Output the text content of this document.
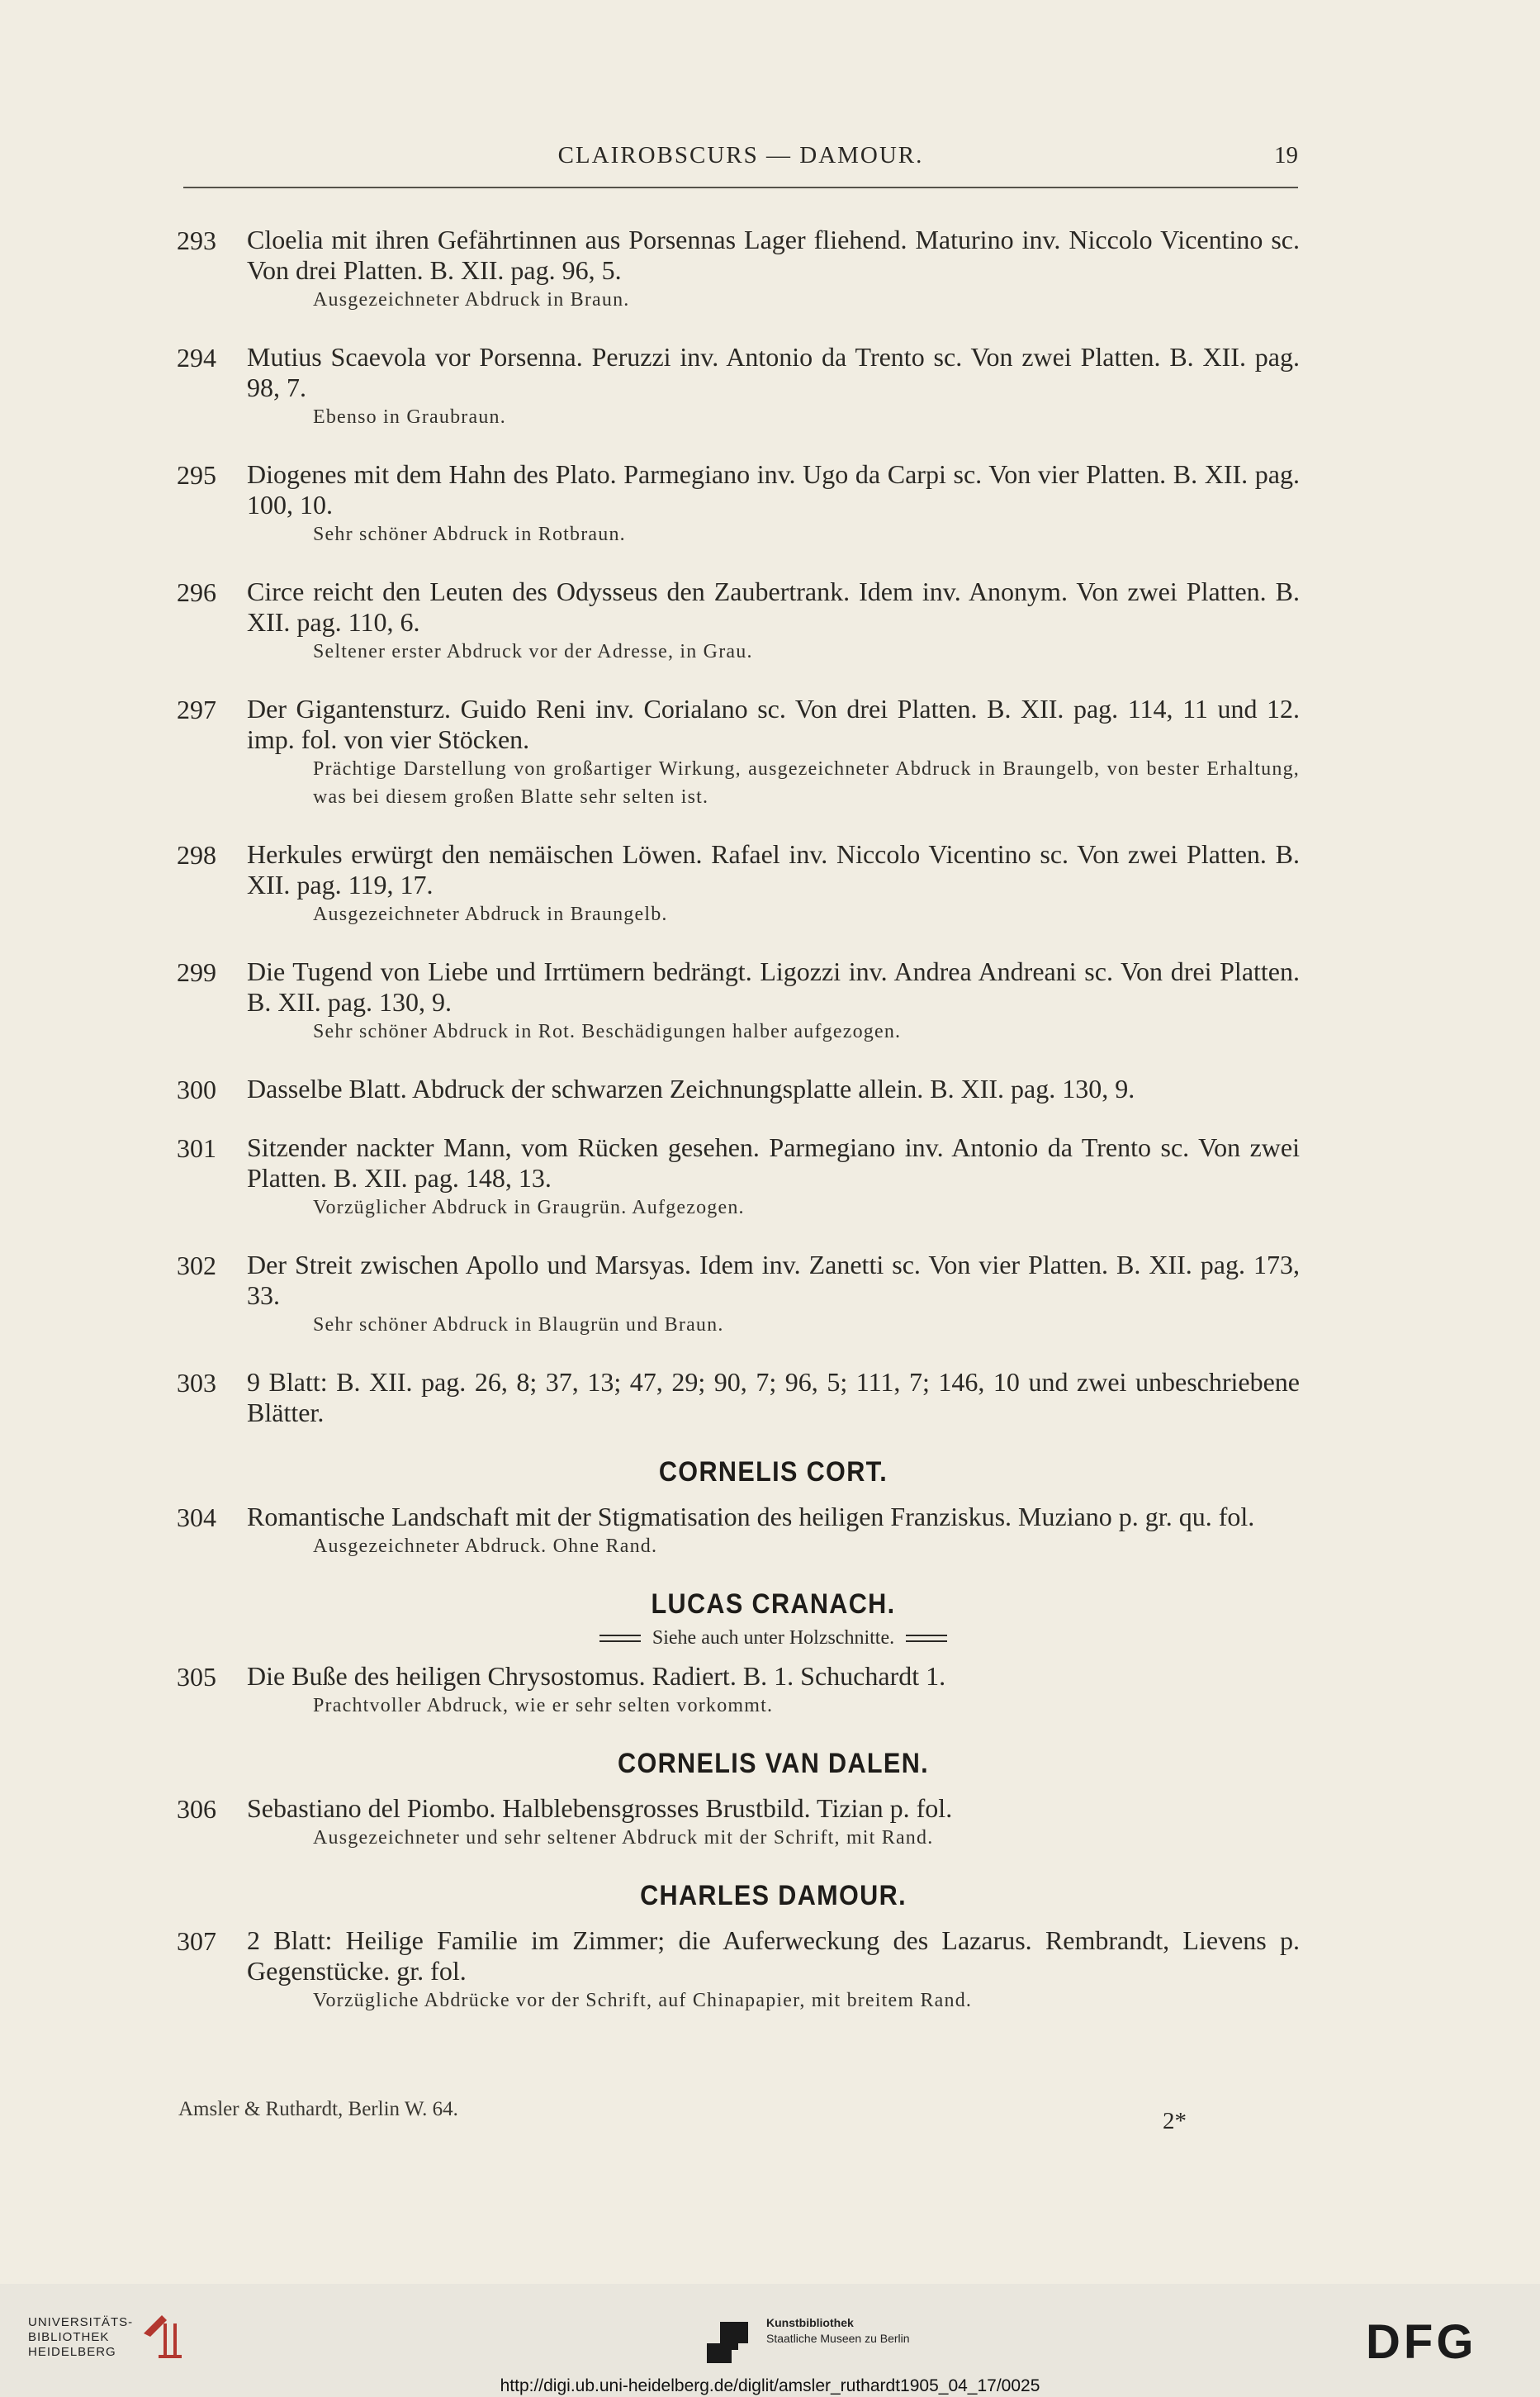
CLAIROBSCURS — DAMOUR.	19
293	Cloelia mit ihren Gefährtinnen aus Porsennas Lager fliehend. Maturino inv. Niccolo Vicentino sc. Von drei Platten. B. XII. pag. 96, 5.
Ausgezeichneter Abdruck in Braun.
294	Mutius Scaevola vor Porsenna. Peruzzi inv. Antonio da Trento sc. Von zwei Platten. B. XII. pag. 98, 7.
Ebenso in Graubraun.
295	Diogenes mit dem Hahn des Plato. Parmegiano inv. Ugo da Carpi sc. Von vier Platten. B. XII. pag. 100, 10.
Sehr schöner Abdruck in Rotbraun.
296	Circe reicht den Leuten des Odysseus den Zaubertrank. Idem inv. Anonym. Von zwei Platten. B. XII. pag. 110, 6.
Seltener erster Abdruck vor der Adresse, in Grau.
297	Der Gigantensturz. Guido Reni inv. Corialano sc. Von drei Platten. B. XII. pag. 114, 11 und 12. imp. fol. von vier Stöcken.
Prächtige Darstellung von großartiger Wirkung, ausgezeichneter Abdruck in Braungelb, von bester Erhaltung, was bei diesem großen Blatte sehr selten ist.
298	Herkules erwürgt den nemäischen Löwen. Rafael inv. Niccolo Vicentino sc. Von zwei Platten. B. XII. pag. 119, 17.
Ausgezeichneter Abdruck in Braungelb.
299	Die Tugend von Liebe und Irrtümern bedrängt. Ligozzi inv. Andrea Andreani sc. Von drei Platten. B. XII. pag. 130, 9.
Sehr schöner Abdruck in Rot. Beschädigungen halber aufgezogen.
300	Dasselbe Blatt. Abdruck der schwarzen Zeichnungsplatte allein. B. XII. pag. 130, 9.
301	Sitzender nackter Mann, vom Rücken gesehen. Parmegiano inv. Antonio da Trento sc. Von zwei Platten. B. XII. pag. 148, 13.
Vorzüglicher Abdruck in Graugrün. Aufgezogen.
302	Der Streit zwischen Apollo und Marsyas. Idem inv. Zanetti sc. Von vier Platten. B. XII. pag. 173, 33.
Sehr schöner Abdruck in Blaugrün und Braun.
303	9 Blatt: B. XII. pag. 26, 8; 37, 13; 47, 29; 90, 7; 96, 5; 111, 7; 146, 10 und zwei unbeschriebene Blätter.
CORNELIS CORT.
304	Romantische Landschaft mit der Stigmatisation des heiligen Franziskus. Muziano p. gr. qu. fol.
Ausgezeichneter Abdruck. Ohne Rand.
LUCAS CRANACH.
Siehe auch unter Holzschnitte.
305	Die Buße des heiligen Chrysostomus. Radiert. B. 1. Schuchardt 1.
Prachtvoller Abdruck, wie er sehr selten vorkommt.
CORNELIS VAN DALEN.
306	Sebastiano del Piombo. Halblebensgrosses Brustbild. Tizian p. fol.
Ausgezeichneter und sehr seltener Abdruck mit der Schrift, mit Rand.
CHARLES DAMOUR.
307	2 Blatt: Heilige Familie im Zimmer; die Auferweckung des Lazarus. Rembrandt, Lievens p. Gegenstücke. gr. fol.
Vorzügliche Abdrücke vor der Schrift, auf Chinapapier, mit breitem Rand.
Amsler & Ruthardt, Berlin W. 64.	2*
UNIVERSITÄTS-
BIBLIOTHEK
HEIDELBERG
Kunstbibliothek
Staatliche Museen zu Berlin	DFG
http://digi.ub.uni-heidelberg.de/diglit/amsler_ruthardt1905_04_17/0025
